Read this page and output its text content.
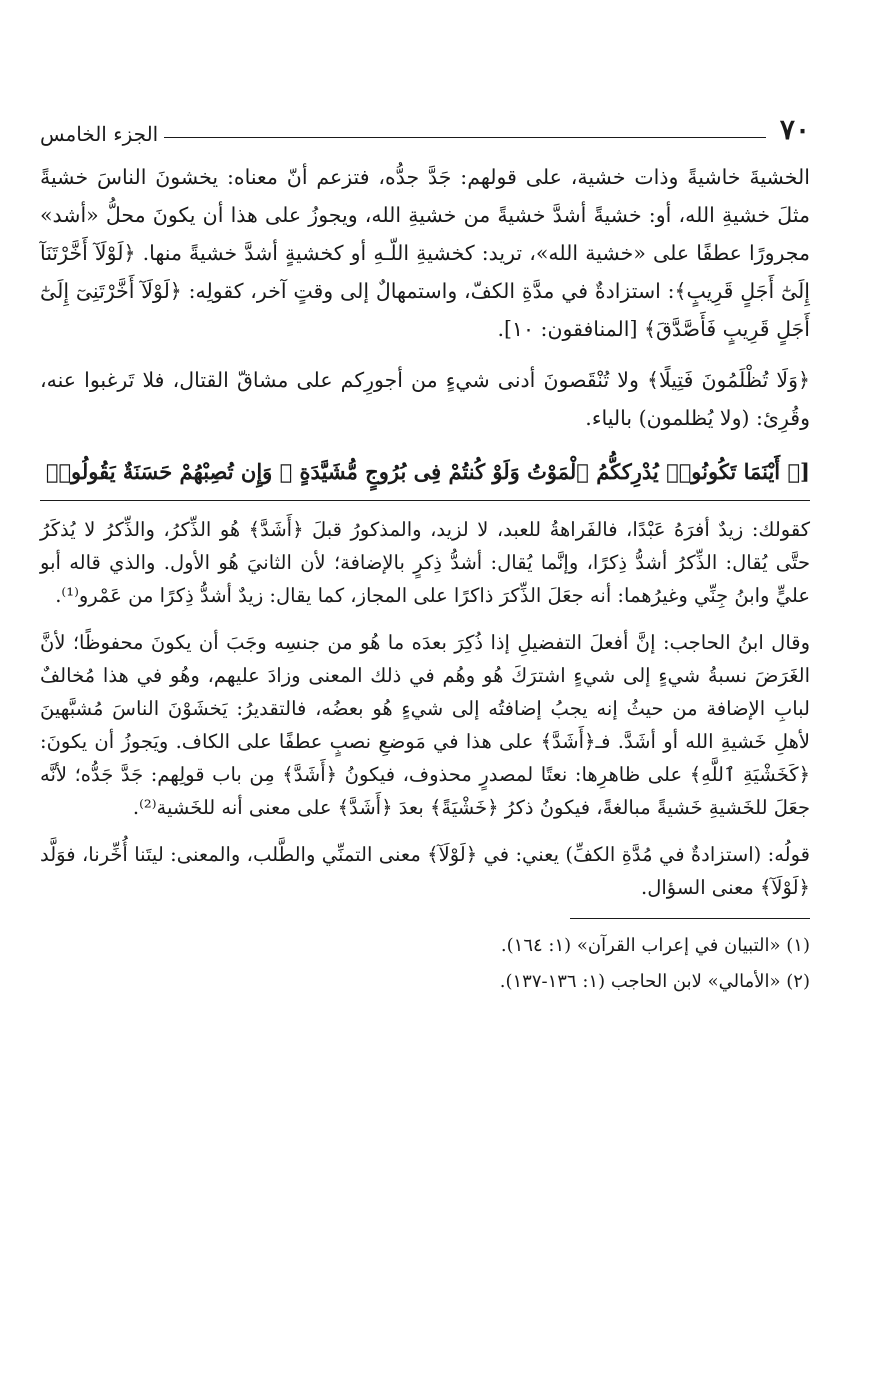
٧٠
الجزء الخامس

الخشيةَ خاشيةً وذات خشية، على قولهم: جَدَّ جدُّه، فتزعم أنّ معناه: يخشونَ الناسَ خشيةً مثلَ خشيةِ الله، أو: خشيةً أشدَّ خشيةً من خشيةِ الله، ويجوزُ على هذا أن يكونَ محلُّ «أشد» مجرورًا عطفًا على «خشية الله»، تريد: كخشيةِ اللّـهِ أو كخشيةٍ أشدَّ خشيةً منها. ﴿لَوْلَآ أَخَّرْتَنَآ إِلَىٰٓ أَجَلٍ قَرِيبٍ﴾: استزادةٌ في مدَّةِ الكفّ، واستمهالٌ إلى وقتٍ آخر، كقولِه: ﴿لَوْلَآ أَخَّرْتَنِىٓ إِلَىٰٓ أَجَلٍ قَرِيبٍ فَأَصَّدَّقَ﴾ [المنافقون: ١٠].

﴿وَلَا تُظْلَمُونَ فَتِيلًا﴾ ولا تُنْقَصونَ أدنى شيءٍ من أجورِكم على مشاقّ القتال، فلا تَرغبوا عنه، وقُرِئ: (ولا يُظلمون) بالياء.

[﴿ أَيْنَمَا تَكُونُوا۟ يُدْرِككُّمُ ٱلْمَوْتُ وَلَوْ كُنتُمْ فِى بُرُوجٍ مُّشَيَّدَةٍ ۗ وَإِن تُصِبْهُمْ حَسَنَةٌ يَقُولُوا۟

كقولك: زيدٌ أفرَهُ عَبْدًا، فالفَراهةُ للعبد، لا لزيد، والمذكورُ قبلَ ﴿أَشَدَّ﴾ هُو الذِّكرُ، والذِّكرُ لا يُذكَرُ حتَّى يُقال: الذِّكرُ أشدُّ ذِكرًا، وإنَّما يُقال: أشدُّ ذِكرٍ بالإضافة؛ لأن الثانيَ هُو الأول. والذي قاله أبو عليٍّ وابنُ جِنِّي وغيرُهما: أنه جعَلَ الذِّكرَ ذاكرًا على المجاز، كما يقال: زيدٌ أشدُّ ذِكرًا من عَمْرو⁽¹⁾.

وقال ابنُ الحاجب: إنَّ أفعلَ التفضيلِ إذا ذُكِرَ بعدَه ما هُو من جنسِه وجَبَ أن يكونَ محفوظًا؛ لأنَّ الغَرَضَ نسبةُ شيءٍ إلى شيءٍ اشترَكَ هُو وهُم في ذلك المعنى وزادَ عليهم، وهُو في هذا مُخالفٌ لبابِ الإضافة من حيثُ إنه يجبُ إضافتُه إلى شيءٍ هُو بعضُه، فالتقديرُ: يَخشَوْنَ الناسَ مُشبَّهينَ لأهلِ خَشيةِ الله أو أشَدَّ. فـ﴿أَشَدَّ﴾ على هذا في مَوضعِ نصبٍ عطفًا على الكاف. ويَجوزُ أن يكونَ: ﴿كَخَشْيَةِ ٱللَّهِ﴾ على ظاهرِها: نعتًا لمصدرٍ محذوف، فيكونُ ﴿أَشَدَّ﴾ مِن باب قولِهم: جَدَّ جَدُّه؛ لأنَّه جعَلَ للخَشيةِ خَشيةً مبالغةً، فيكونُ ذكرُ ﴿خَشْيَةً﴾ بعدَ ﴿أَشَدَّ﴾ على معنى أنه للخَشية⁽²⁾.

قولُه: (استزادةٌ في مُدَّةِ الكفِّ) يعني: في ﴿لَوْلَآ﴾ معنى التمنِّي والطَّلب، والمعنى: ليتَنا أُخِّرنا، فوَلَّد ﴿لَوْلَآ﴾ معنى السؤال.

(١) «التبيان في إعراب القرآن» (١: ١٦٤).

(٢) «الأمالي» لابن الحاجب (١: ١٣٦-١٣٧).
